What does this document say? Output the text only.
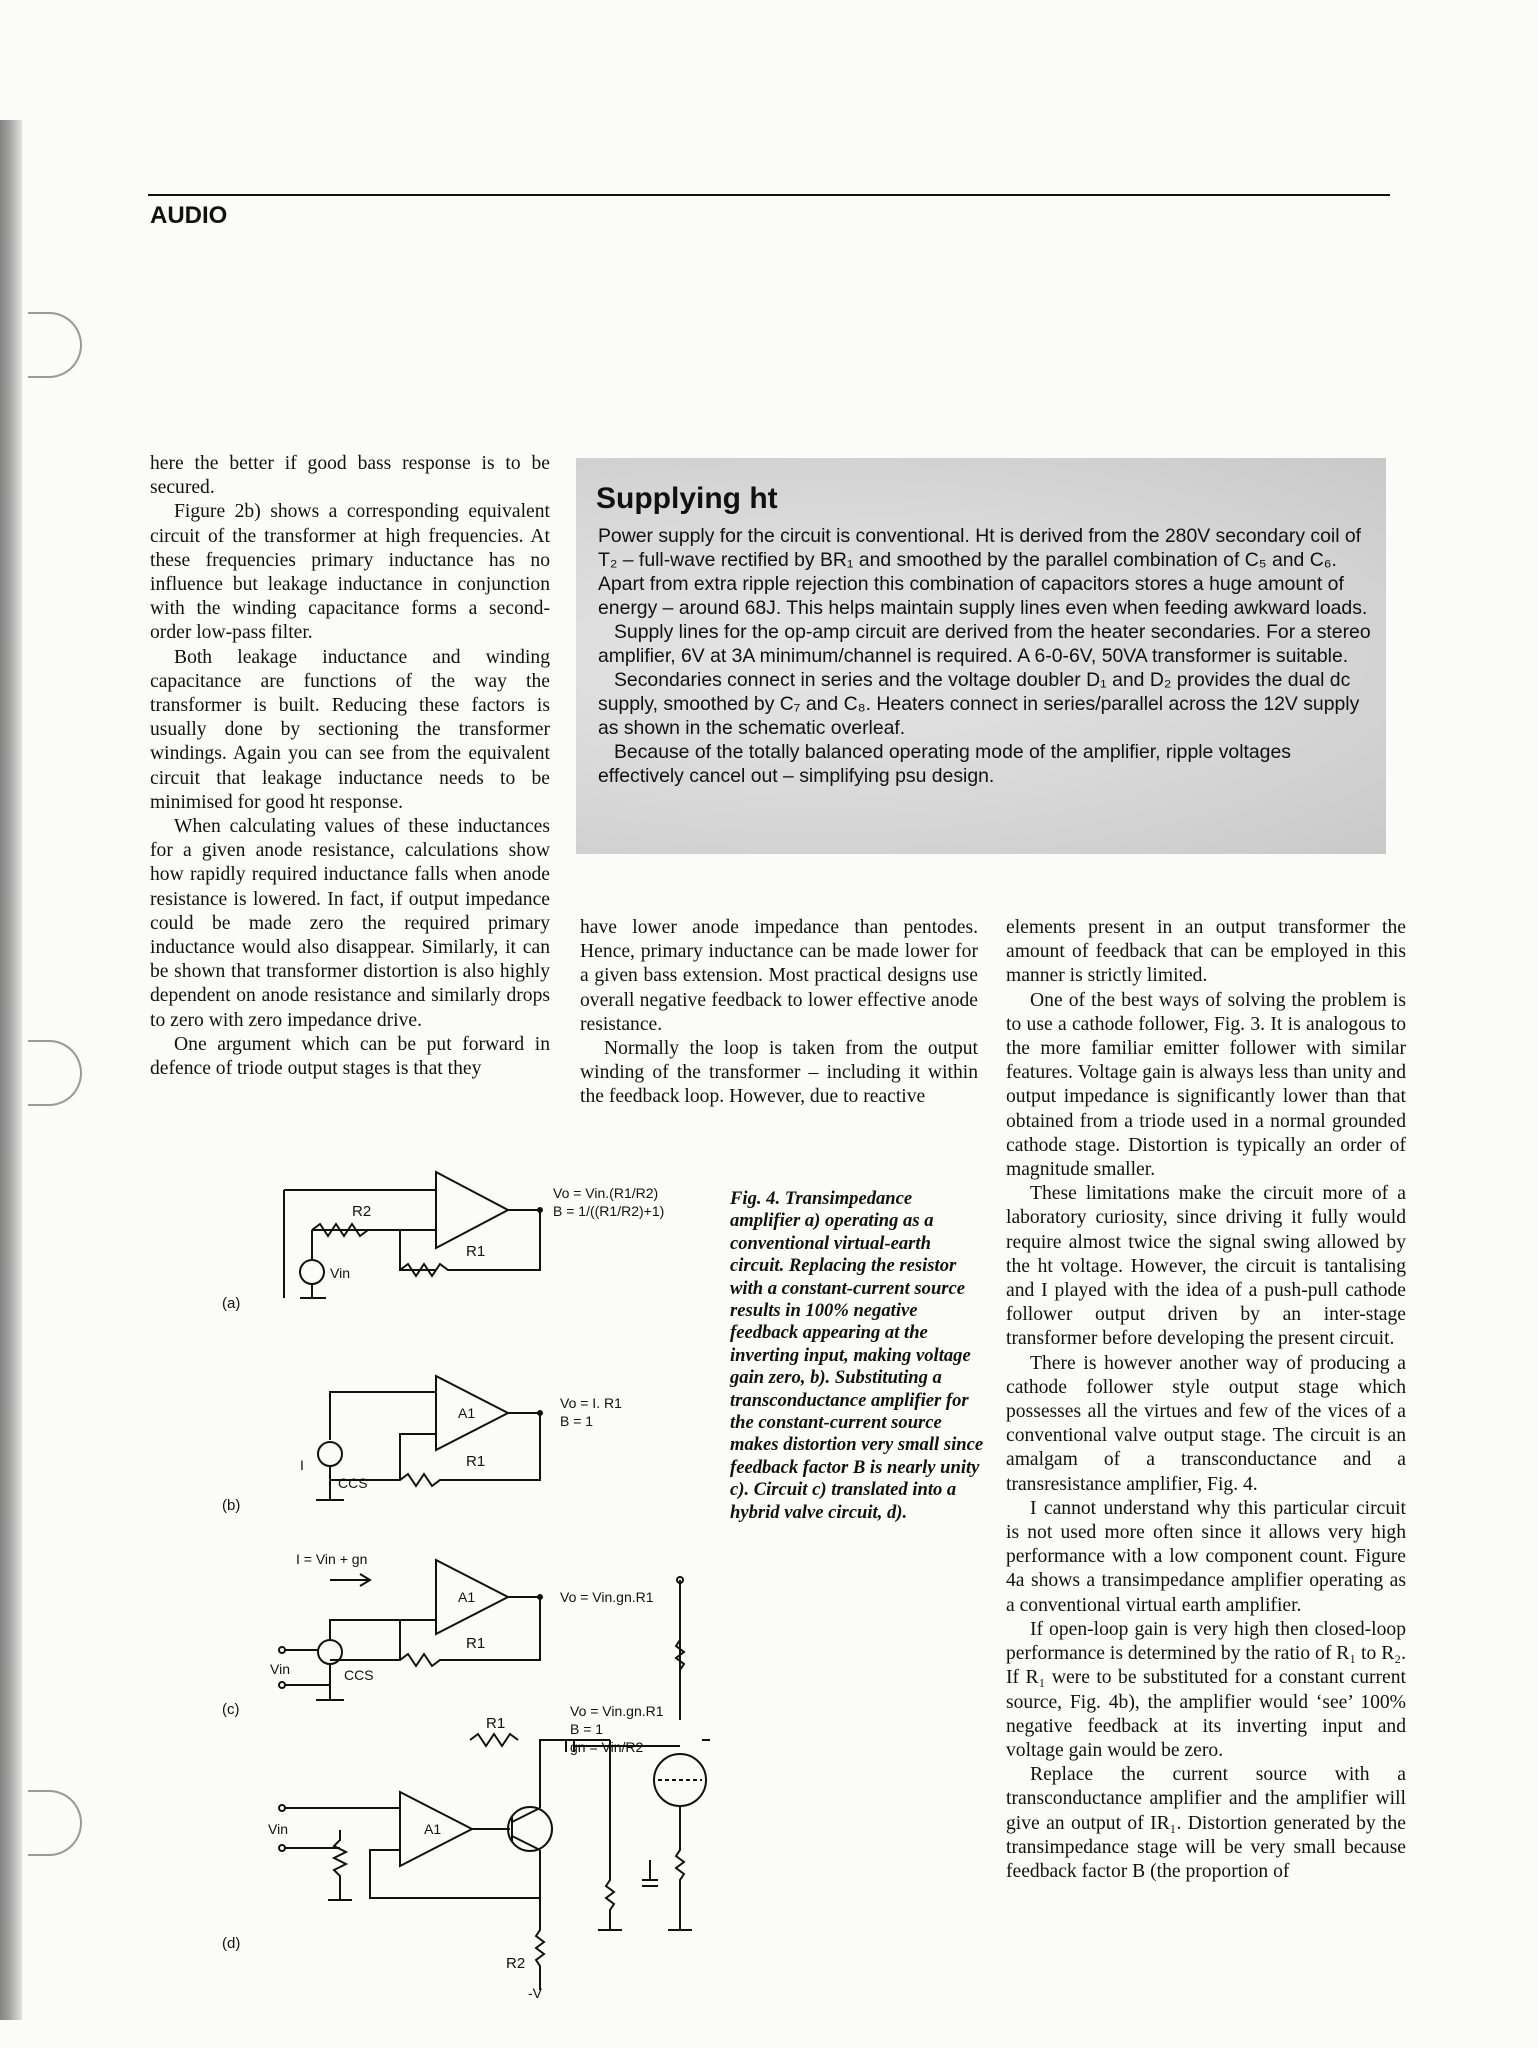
AUDIO

here the better if good bass response is to be secured.

Figure 2b) shows a corresponding equivalent circuit of the transformer at high frequencies. At these frequencies primary inductance has no influence but leakage inductance in conjunction with the winding capacitance forms a second-order low-pass filter.

Both leakage inductance and winding capacitance are functions of the way the transformer is built. Reducing these factors is usually done by sectioning the transformer windings. Again you can see from the equivalent circuit that leakage inductance needs to be minimised for good ht response.

When calculating values of these inductances for a given anode resistance, calculations show how rapidly required inductance falls when anode resistance is lowered. In fact, if output impedance could be made zero the required primary inductance would also disappear. Similarly, it can be shown that transformer distortion is also highly dependent on anode resistance and similarly drops to zero with zero impedance drive.

One argument which can be put forward in defence of triode output stages is that they

Supplying ht

Power supply for the circuit is conventional. Ht is derived from the 280V secondary coil of T₂ – full-wave rectified by BR₁ and smoothed by the parallel combination of C₅ and C₆. Apart from extra ripple rejection this combination of capacitors stores a huge amount of energy – around 68J. This helps maintain supply lines even when feeding awkward loads.

Supply lines for the op-amp circuit are derived from the heater secondaries. For a stereo amplifier, 6V at 3A minimum/channel is required. A 6-0-6V, 50VA transformer is suitable.

Secondaries connect in series and the voltage doubler D₁ and D₂ provides the dual dc supply, smoothed by C₇ and C₈. Heaters connect in series/parallel across the 12V supply as shown in the schematic overleaf.

Because of the totally balanced operating mode of the amplifier, ripple voltages effectively cancel out – simplifying psu design.

have lower anode impedance than pentodes. Hence, primary inductance can be made lower for a given bass extension. Most practical designs use overall negative feedback to lower effective anode resistance.

Normally the loop is taken from the output winding of the transformer – including it within the feedback loop. However, due to reactive

elements present in an output transformer the amount of feedback that can be employed in this manner is strictly limited.

One of the best ways of solving the problem is to use a cathode follower, Fig. 3. It is analogous to the more familiar emitter follower with similar features. Voltage gain is always less than unity and output impedance is significantly lower than that obtained from a triode used in a normal grounded cathode stage. Distortion is typically an order of magnitude smaller.

These limitations make the circuit more of a laboratory curiosity, since driving it fully would require almost twice the signal swing allowed by the ht voltage. However, the circuit is tantalising and I played with the idea of a push-pull cathode follower output driven by an inter-stage transformer before developing the present circuit.

There is however another way of producing a cathode follower style output stage which possesses all the virtues and few of the vices of a conventional valve output stage. The circuit is an amalgam of a transconductance and a transresistance amplifier, Fig. 4.

I cannot understand why this particular circuit is not used more often since it allows very high performance with a low component count. Figure 4a shows a transimpedance amplifier operating as a conventional virtual earth amplifier.

If open-loop gain is very high then closed-loop performance is determined by the ratio of R₁ to R₂. If R₁ were to be substituted for a constant current source, Fig. 4b), the amplifier would ‘see’ 100% negative feedback at its inverting input and voltage gain would be zero.

Replace the current source with a transconductance amplifier and the amplifier will give an output of IR₁. Distortion generated by the transimpedance stage will be very small because feedback factor B (the proportion of

Fig. 4. Transimpedance amplifier a) operating as a conventional virtual-earth circuit. Replacing the resistor with a constant-current source results in 100% negative feedback appearing at the inverting input, making voltage gain zero, b). Substituting a transconductance amplifier for the constant-current source makes distortion very small since feedback factor B is nearly unity c). Circuit c) translated into a hybrid valve circuit, d).
R2
R1
Vin
Vo = Vin.(R1/R2)
B = 1/((R1/R2)+1)
(a)
A1
R1
CCS
I
Vo = I. R1
B = 1
(b)
A1
R1
CCS
Vin
I = Vin + gn
Vo = Vin.gn.R1
(c)
A1
R1
R2
-V
Vin
Vo = Vin.gn.R1
B = 1
gn = Vin/R2
(d)
